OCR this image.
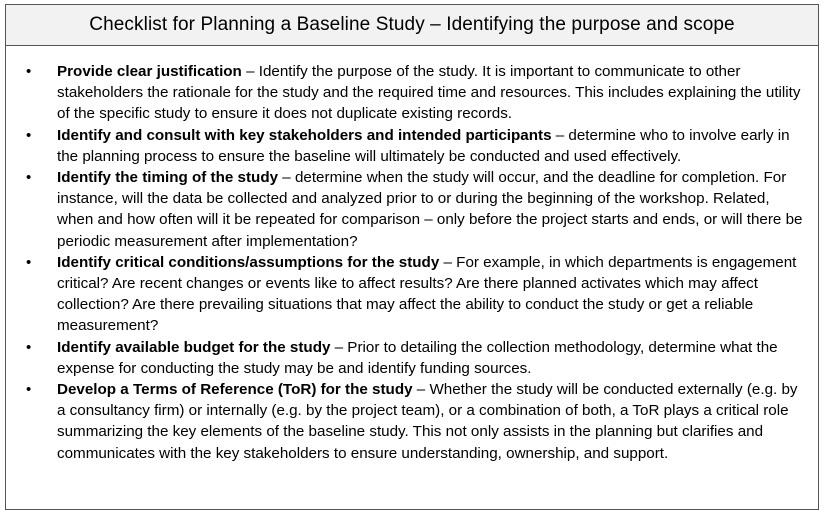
Checklist for Planning a Baseline Study – Identifying the purpose and scope
• Provide clear justification – Identify the purpose of the study. It is important to communicate to other stakeholders the rationale for the study and the required time and resources. This includes explaining the utility of the specific study to ensure it does not duplicate existing records.
• Identify and consult with key stakeholders and intended participants – determine who to involve early in the planning process to ensure the baseline will ultimately be conducted and used effectively.
• Identify the timing of the study – determine when the study will occur, and the deadline for completion. For instance, will the data be collected and analyzed prior to or during the beginning of the workshop. Related, when and how often will it be repeated for comparison – only before the project starts and ends, or will there be periodic measurement after implementation?
• Identify critical conditions/assumptions for the study – For example, in which departments is engagement critical? Are recent changes or events like to affect results? Are there planned activates which may affect collection? Are there prevailing situations that may affect the ability to conduct the study or get a reliable measurement?
• Identify available budget for the study – Prior to detailing the collection methodology, determine what the expense for conducting the study may be and identify funding sources.
• Develop a Terms of Reference (ToR) for the study – Whether the study will be conducted externally (e.g. by a consultancy firm) or internally (e.g. by the project team), or a combination of both, a ToR plays a critical role summarizing the key elements of the baseline study. This not only assists in the planning but clarifies and communicates with the key stakeholders to ensure understanding, ownership, and support.
